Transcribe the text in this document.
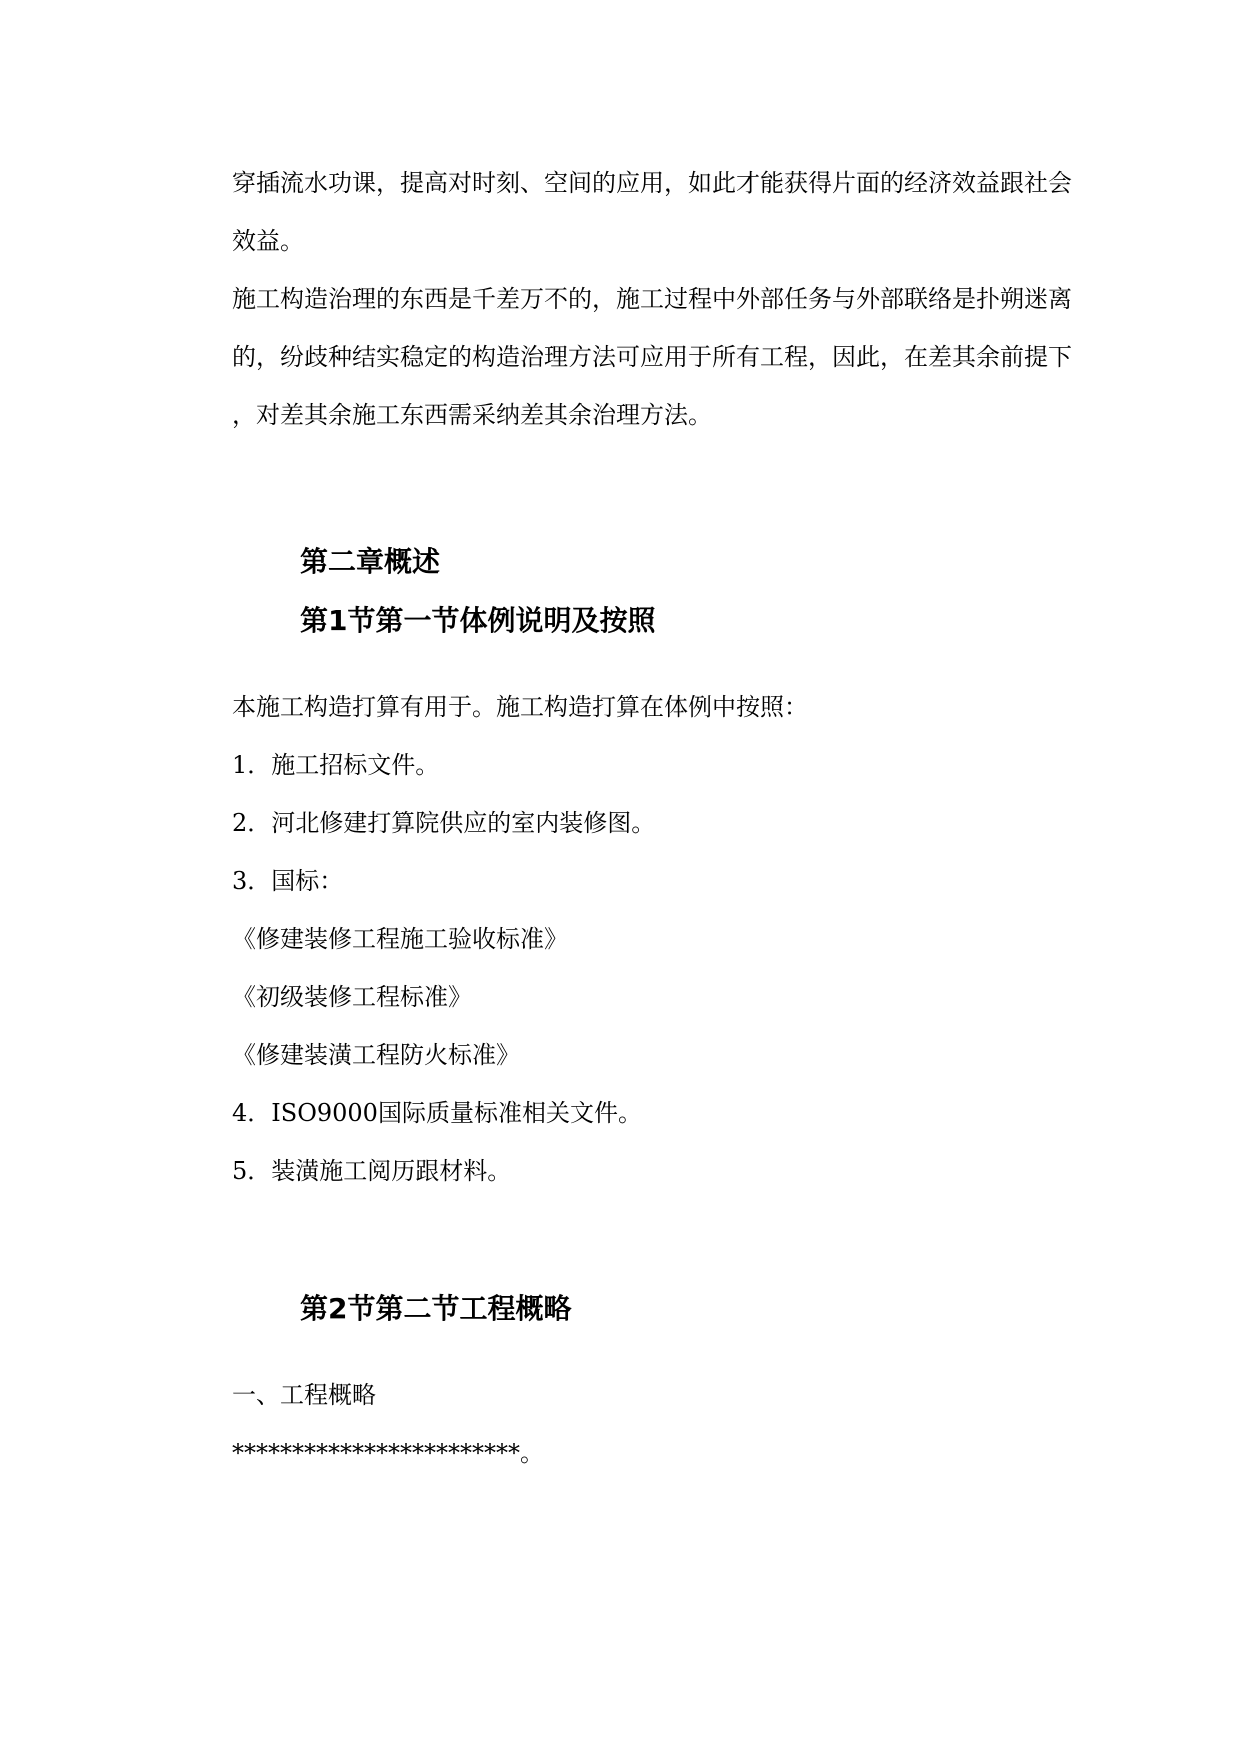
穿插流水功课，提高对时刻、空间的应用，如此才能获得片面的经济效益跟社会

效益。

施工构造治理的东西是千差万不的，施工过程中外部任务与外部联络是扑朔迷离

的，纷歧种结实稳定的构造治理方法可应用于所有工程，因此，在差其余前提下

，对差其余施工东西需采纳差其余治理方法。

第二章概述
第1节第一节体例说明及按照

本施工构造打算有用于。施工构造打算在体例中按照：

1．施工招标文件。

2．河北修建打算院供应的室内装修图。

3．国标：

《修建装修工程施工验收标准》

《初级装修工程标准》

《修建装潢工程防火标准》

4．ISO9000国际质量标准相关文件。

5．装潢施工阅历跟材料。

第2节第二节工程概略

一、工程概略

************************。
